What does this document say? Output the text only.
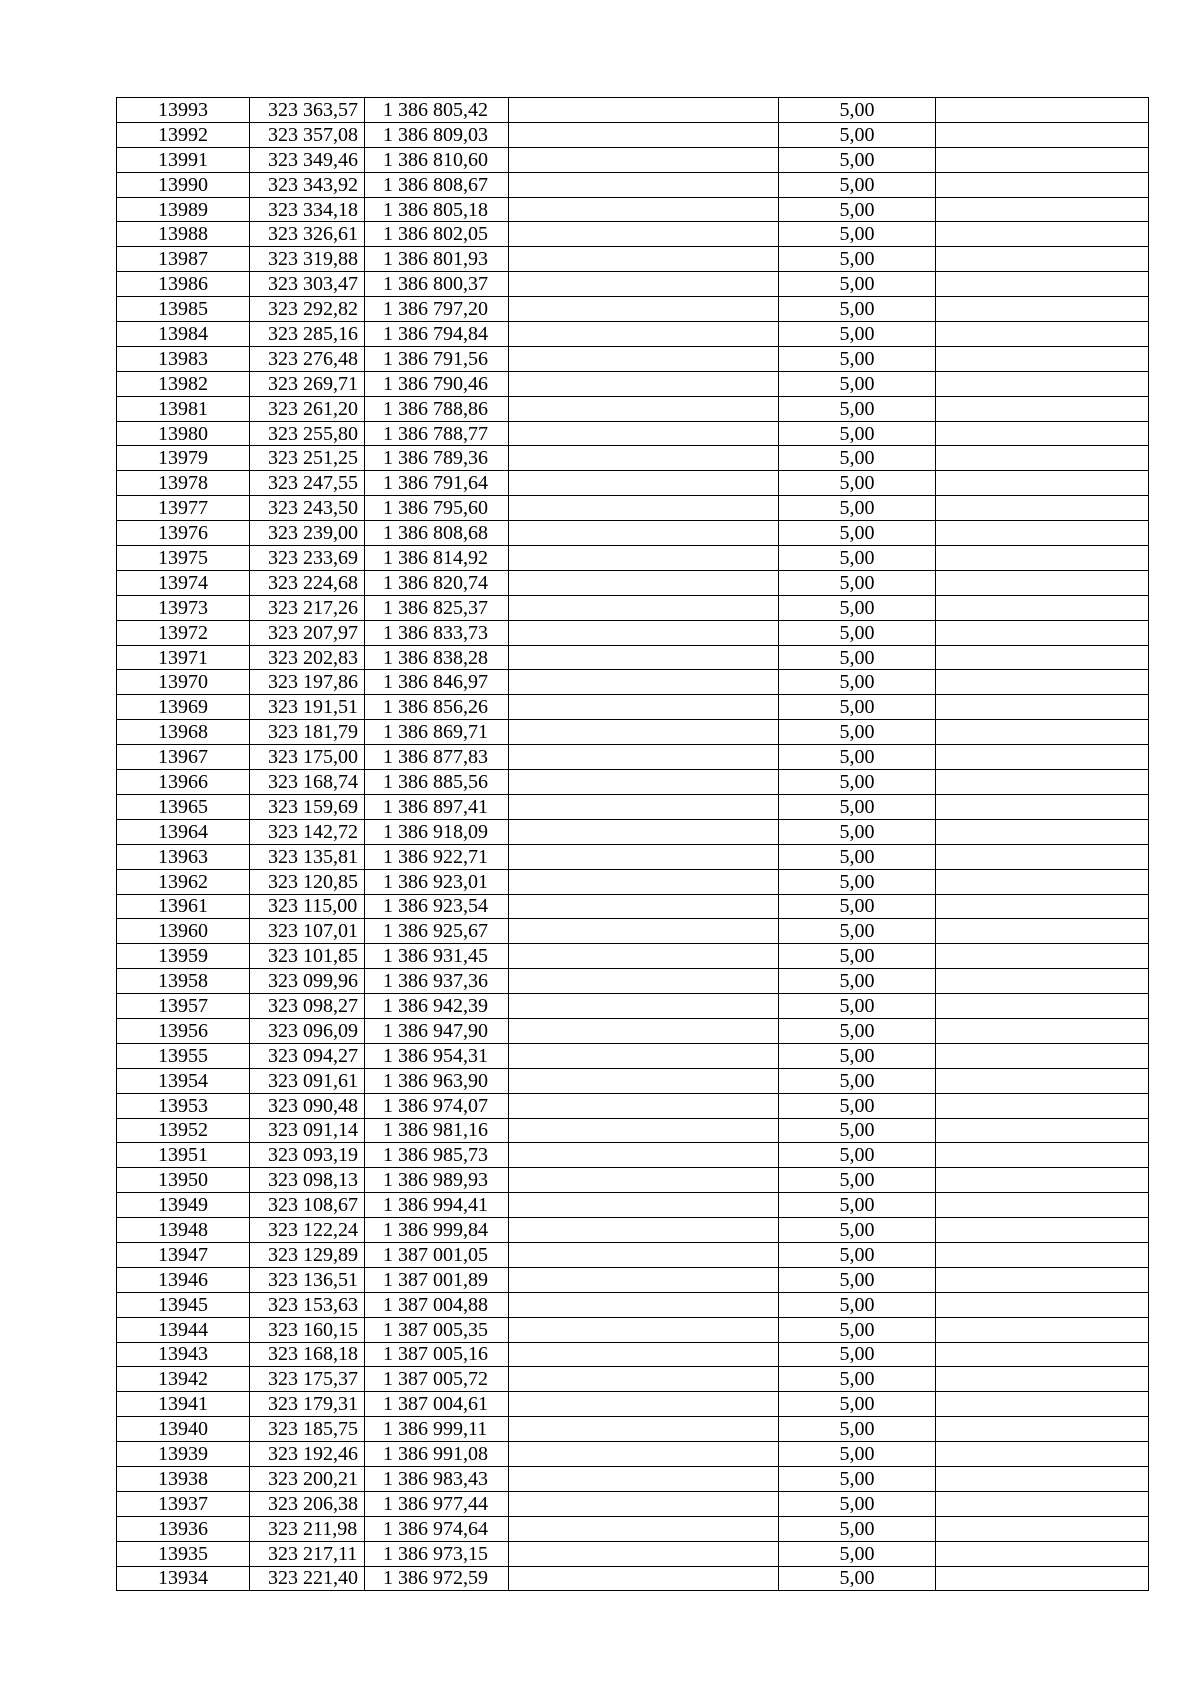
13993	323 363,57	1 386 805,42		5,00	
13992	323 357,08	1 386 809,03		5,00	
13991	323 349,46	1 386 810,60		5,00	
13990	323 343,92	1 386 808,67		5,00	
13989	323 334,18	1 386 805,18		5,00	
13988	323 326,61	1 386 802,05		5,00	
13987	323 319,88	1 386 801,93		5,00	
13986	323 303,47	1 386 800,37		5,00	
13985	323 292,82	1 386 797,20		5,00	
13984	323 285,16	1 386 794,84		5,00	
13983	323 276,48	1 386 791,56		5,00	
13982	323 269,71	1 386 790,46		5,00	
13981	323 261,20	1 386 788,86		5,00	
13980	323 255,80	1 386 788,77		5,00	
13979	323 251,25	1 386 789,36		5,00	
13978	323 247,55	1 386 791,64		5,00	
13977	323 243,50	1 386 795,60		5,00	
13976	323 239,00	1 386 808,68		5,00	
13975	323 233,69	1 386 814,92		5,00	
13974	323 224,68	1 386 820,74		5,00	
13973	323 217,26	1 386 825,37		5,00	
13972	323 207,97	1 386 833,73		5,00	
13971	323 202,83	1 386 838,28		5,00	
13970	323 197,86	1 386 846,97		5,00	
13969	323 191,51	1 386 856,26		5,00	
13968	323 181,79	1 386 869,71		5,00	
13967	323 175,00	1 386 877,83		5,00	
13966	323 168,74	1 386 885,56		5,00	
13965	323 159,69	1 386 897,41		5,00	
13964	323 142,72	1 386 918,09		5,00	
13963	323 135,81	1 386 922,71		5,00	
13962	323 120,85	1 386 923,01		5,00	
13961	323 115,00	1 386 923,54		5,00	
13960	323 107,01	1 386 925,67		5,00	
13959	323 101,85	1 386 931,45		5,00	
13958	323 099,96	1 386 937,36		5,00	
13957	323 098,27	1 386 942,39		5,00	
13956	323 096,09	1 386 947,90		5,00	
13955	323 094,27	1 386 954,31		5,00	
13954	323 091,61	1 386 963,90		5,00	
13953	323 090,48	1 386 974,07		5,00	
13952	323 091,14	1 386 981,16		5,00	
13951	323 093,19	1 386 985,73		5,00	
13950	323 098,13	1 386 989,93		5,00	
13949	323 108,67	1 386 994,41		5,00	
13948	323 122,24	1 386 999,84		5,00	
13947	323 129,89	1 387 001,05		5,00	
13946	323 136,51	1 387 001,89		5,00	
13945	323 153,63	1 387 004,88		5,00	
13944	323 160,15	1 387 005,35		5,00	
13943	323 168,18	1 387 005,16		5,00	
13942	323 175,37	1 387 005,72		5,00	
13941	323 179,31	1 387 004,61		5,00	
13940	323 185,75	1 386 999,11		5,00	
13939	323 192,46	1 386 991,08		5,00	
13938	323 200,21	1 386 983,43		5,00	
13937	323 206,38	1 386 977,44		5,00	
13936	323 211,98	1 386 974,64		5,00	
13935	323 217,11	1 386 973,15		5,00	
13934	323 221,40	1 386 972,59		5,00	
